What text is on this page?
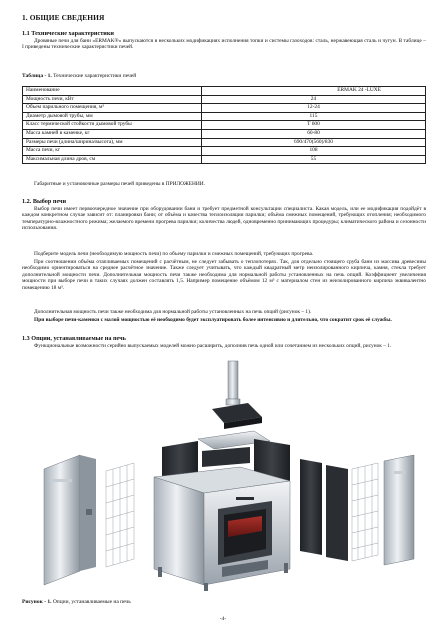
1. ОБЩИЕ СВЕДЕНИЯ
1.1 Технические характеристики

Дровяные печи для бани «ERMAK®» выпускаются в нескольких модификациях исполнения топки и системы газоходов: сталь, нержавеющая сталь и чугун. В таблице – I приведены технические характеристики печей.

Таблица - 1. Технические характеристики печей
Наименование	ERMAK 24 -LUXE
Мощность печи, кВт	24
Объем парильного помещения, м³	12-24
Диаметр дымовой трубы, мм	115
Класс термической стойкости дымовой трубы	T 600
Масса камней в каменке, кг	60-80
Размеры печи (длина/ширина/высота), мм	690/470(560)/830
Масса печи, кг	108
Максимальная длина дров, см	55

Габаритные и установочные размеры печей приведены в ПРИЛОЖЕНИИ.

1.2. Выбор печи

Выбор печи имеет первоочередное значение при оборудовании бани и требует предметной консультации специалиста. Какая модель, или ее модификация подойдёт в каждом конкретном случае зависит от: планировки бани; от объёма и качества теплоизоляции парилки; объёма смежных помещений, требующих отопления; необходимого температурно-влажностного режима; желаемого времени прогрева парилки; количества людей, одновременно принимающих процедуры; климатического района и сезонности использования.

Подберите модель печи (необходимую мощность печи) по объему парилки и смежных помещений, требующих прогрева.

При соотношении объёма отапливаемых помещений с расчётным, не следует забывать о теплопотерях. Так, для отдельно стоящего сруба бани из массива древесины необходимо ориентироваться на среднее расчётное значение. Также следует учитывать, что каждый квадратный метр неизолированного кирпича, камня, стекла требует дополнительной мощности печи. Дополнительная мощность печи также необходима для нормальной работы установленных на печь опций. Коэффициент увеличения мощности при выборе печи в таких случаях должен составлять 1,5. Например помещение объёмом 12 м³ с материалом стен из неизолированного кирпича эквивалентно помещению 18 м³.

Дополнительная мощность печи также необходима для нормальной работы установленных на печь опций (рисунок – 1).

При выборе печи-каменки с малой мощностью её необходимо будет эксплуатировать более интенсивно и длительно, что сократит срок её службы.

1.3 Опции, устанавливаемые на печь

Функциональные возможности серийно выпускаемых моделей можно расширить, дополнив печь одной или сочетанием из нескольких опций, рисунок – 1.

Рисунок - 1. Опции, устанавливаемые на печь
-4-
